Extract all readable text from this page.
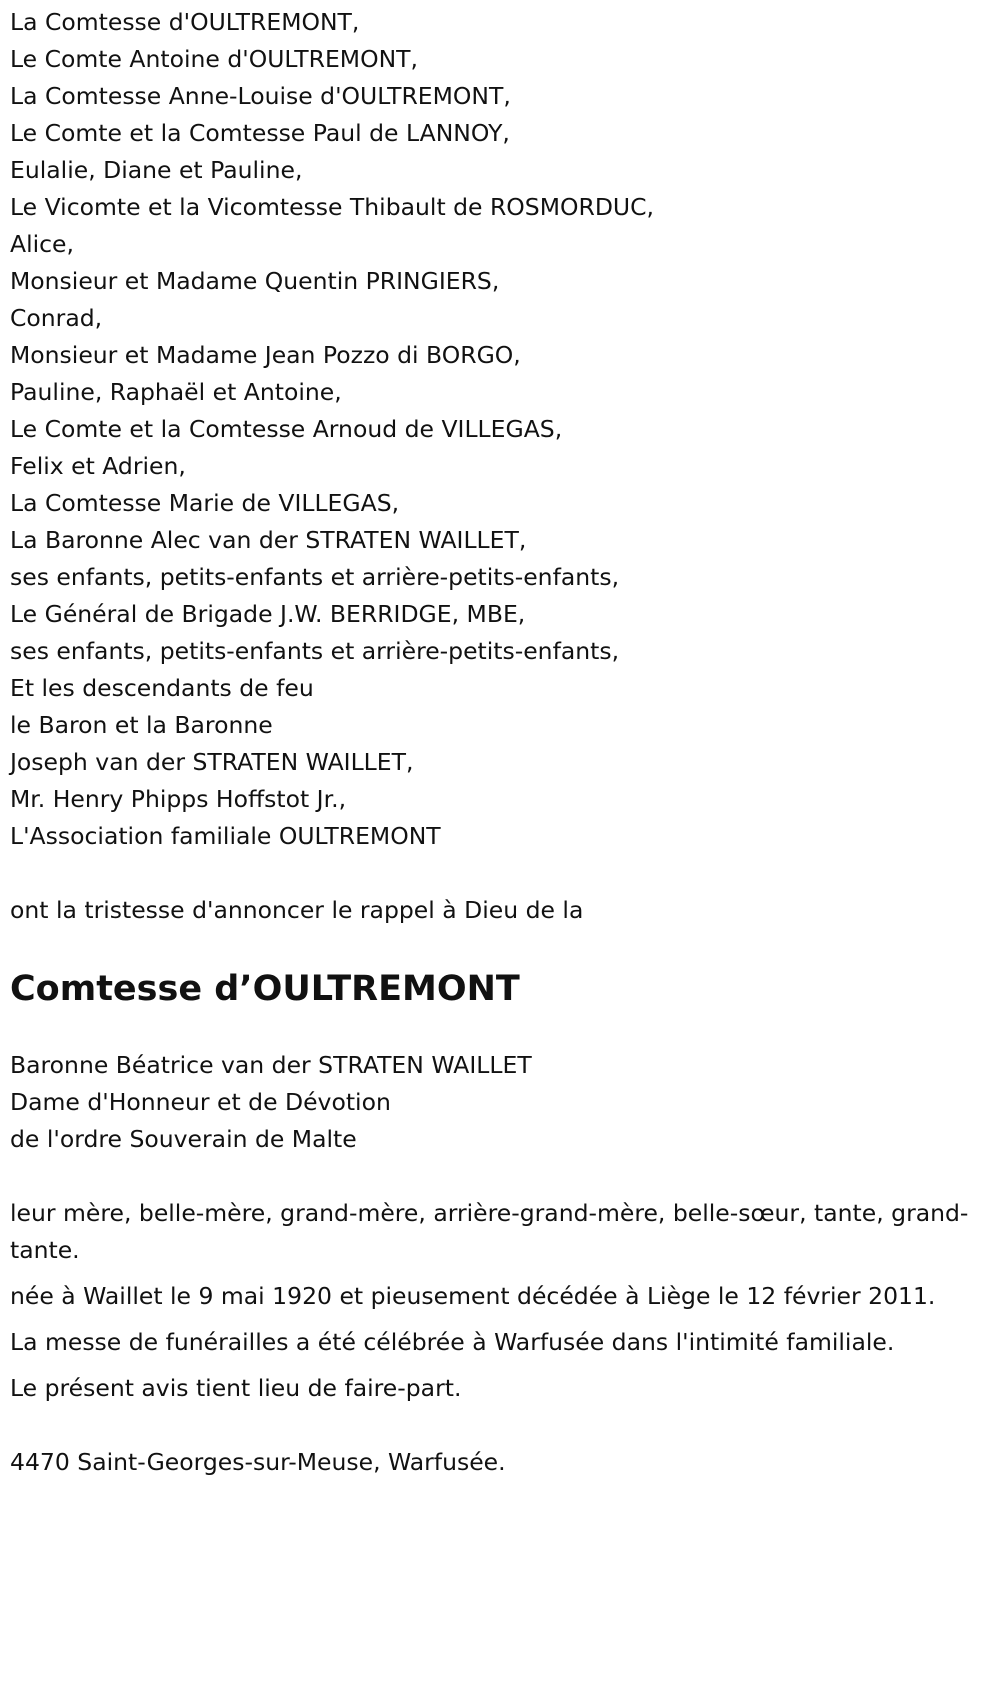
La Comtesse d'OULTREMONT,

Le Comte Antoine d'OULTREMONT,

La Comtesse Anne-Louise d'OULTREMONT,

Le Comte et la Comtesse Paul de LANNOY,

Eulalie, Diane et Pauline,

Le Vicomte et la Vicomtesse Thibault de ROSMORDUC,

Alice,

Monsieur et Madame Quentin PRINGIERS,

Conrad,

Monsieur et Madame Jean Pozzo di BORGO,

Pauline, Raphaël et Antoine,

Le Comte et la Comtesse Arnoud de VILLEGAS,

Felix et Adrien,

La Comtesse Marie de VILLEGAS,

La Baronne Alec van der STRATEN WAILLET,

ses enfants, petits-enfants et arrière-petits-enfants,

Le Général de Brigade J.W. BERRIDGE, MBE,

ses enfants, petits-enfants et arrière-petits-enfants,

Et les descendants de feu

le Baron et la Baronne

Joseph van der STRATEN WAILLET,

Mr. Henry Phipps Hoffstot Jr.,

L'Association familiale OULTREMONT

ont la tristesse d'annoncer le rappel à Dieu de la

Comtesse d’OULTREMONT

Baronne Béatrice van der STRATEN WAILLET

Dame d'Honneur et de Dévotion

de l'ordre Souverain de Malte

leur mère, belle-mère, grand-mère, arrière-grand-mère, belle-sœur, tante, grand-tante.

née à Waillet le 9 mai 1920 et pieusement décédée à Liège le 12 février 2011.

La messe de funérailles a été célébrée à Warfusée dans l'intimité familiale.

Le présent avis tient lieu de faire-part.

4470 Saint-Georges-sur-Meuse, Warfusée.
